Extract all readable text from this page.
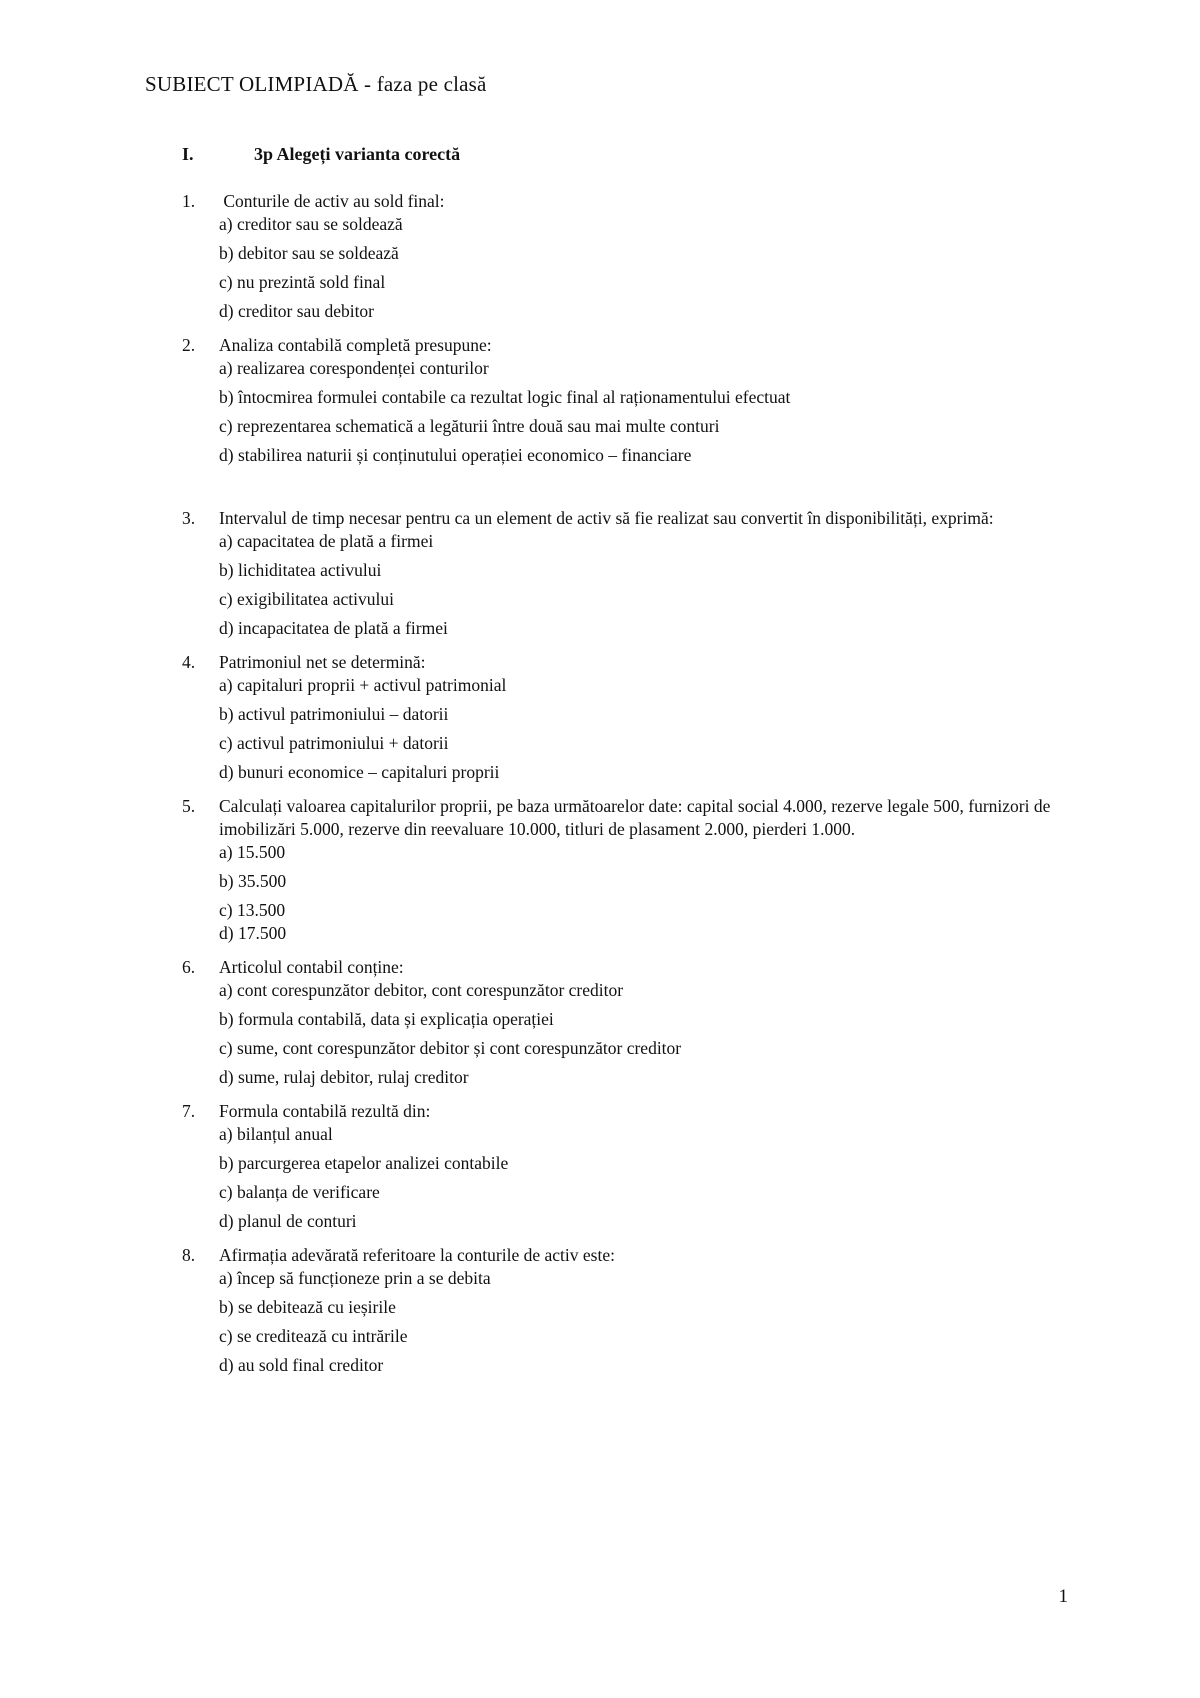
SUBIECT OLIMPIADĂ - faza pe clasă
I.	3p Alegeți varianta corectă
1.	Conturile de activ au sold final:

a) creditor sau se soldează

b) debitor sau se soldează

c) nu prezintă sold final

d) creditor sau debitor

2.	Analiza contabilă completă presupune:

a) realizarea corespondenței conturilor

b) întocmirea formulei contabile ca rezultat logic final al raționamentului efectuat

c) reprezentarea schematică a legăturii între două sau mai multe conturi

d) stabilirea naturii și conținutului operației economico – financiare

3.	Intervalul de timp necesar pentru ca un element de activ să fie realizat sau convertit în disponibilități, exprimă:

a) capacitatea de plată a firmei

b) lichiditatea activului

c) exigibilitatea activului

d) incapacitatea de plată a firmei

4.	Patrimoniul net se determină:

a) capitaluri proprii + activul patrimonial

b) activul patrimoniului – datorii

c) activul patrimoniului + datorii

d) bunuri economice – capitaluri proprii

5.	Calculați valoarea capitalurilor proprii, pe baza următoarelor date: capital social 4.000, rezerve legale 500, furnizori de imobilizări 5.000, rezerve din reevaluare 10.000, titluri de plasament 2.000, pierderi 1.000.

a) 15.500

b) 35.500

c) 13.500

d) 17.500

6.	Articolul contabil conține:

a) cont corespunzător debitor, cont corespunzător creditor

b) formula contabilă, data și explicația operației

c) sume, cont corespunzător debitor și cont corespunzător creditor

d) sume, rulaj debitor, rulaj creditor

7.	Formula contabilă rezultă din:

a) bilanțul anual

b) parcurgerea etapelor analizei contabile

c) balanța de verificare

d) planul de conturi

8.	Afirmația adevărată referitoare la conturile de activ este:

a) încep să funcționeze prin a se debita

b) se debitează cu ieșirile

c) se creditează cu intrările

d) au sold final creditor

1
